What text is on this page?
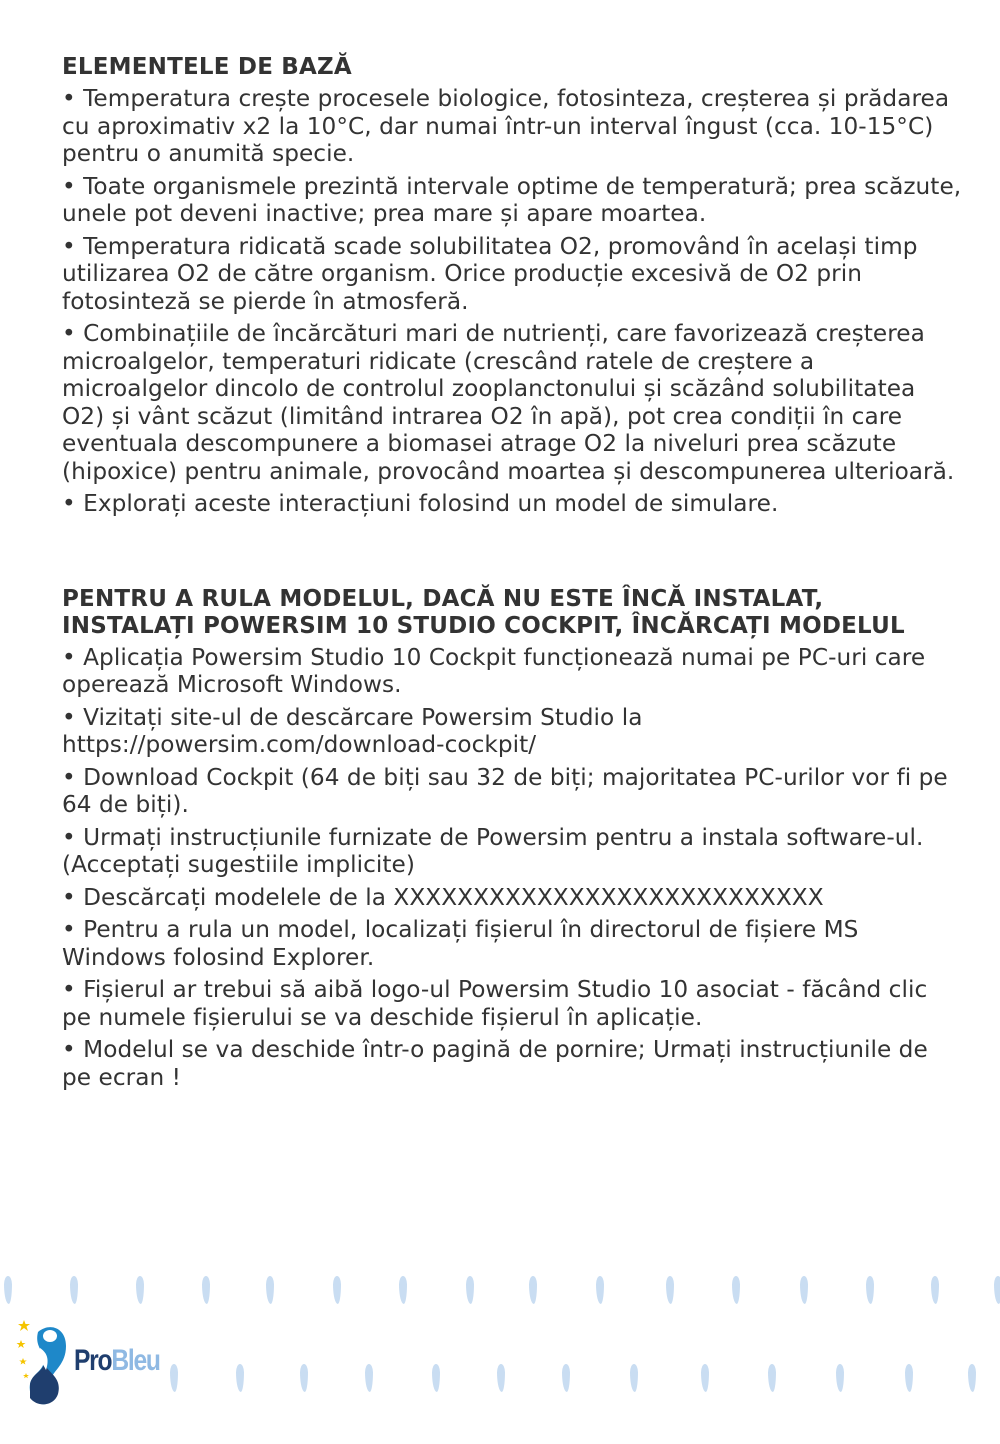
ELEMENTELE DE BAZĂ

• Temperatura crește procesele biologice, fotosinteza, creșterea și prădarea cu aproximativ x2 la 10°C, dar numai într-un interval îngust (cca. 10-15°C) pentru o anumită specie.

• Toate organismele prezintă intervale optime de temperatură; prea scăzute, unele pot deveni inactive; prea mare și apare moartea.

• Temperatura ridicată scade solubilitatea O2, promovând în același timp utilizarea O2 de către organism. Orice producție excesivă de O2 prin fotosinteză se pierde în atmosferă.

• Combinațiile de încărcături mari de nutrienți, care favorizează creșterea microalgelor, temperaturi ridicate (crescând ratele de creștere a microalgelor dincolo de controlul zooplanctonului și scăzând solubilitatea O2) și vânt scăzut (limitând intrarea O2 în apă), pot crea condiții în care eventuala descompunere a biomasei atrage O2 la niveluri prea scăzute (hipoxice) pentru animale, provocând moartea și descompunerea ulterioară.

• Explorați aceste interacțiuni folosind un model de simulare.

PENTRU A RULA MODELUL, DACĂ NU ESTE ÎNCĂ INSTALAT, INSTALAȚI POWERSIM 10 STUDIO COCKPIT, ÎNCĂRCAȚI MODELUL

• Aplicația Powersim Studio 10 Cockpit funcționează numai pe PC-uri care operează Microsoft Windows.

• Vizitați site-ul de descărcare Powersim Studio la https://powersim.com/download-cockpit/

• Download Cockpit (64 de biți sau 32 de biți; majoritatea PC-urilor vor fi pe 64 de biți).

• Urmați instrucțiunile furnizate de Powersim pentru a instala software-ul. (Acceptați sugestiile implicite)

• Descărcați modelele de la XXXXXXXXXXXXXXXXXXXXXXXXXXX

• Pentru a rula un model, localizați fișierul în directorul de fișiere MS Windows folosind Explorer.

• Fișierul ar trebui să aibă logo-ul Powersim Studio 10 asociat - făcând clic pe numele fișierului se va deschide fișierul în aplicație.

• Modelul se va deschide într-o pagină de pornire; Urmați instrucțiunile de pe ecran !

ProBleu
